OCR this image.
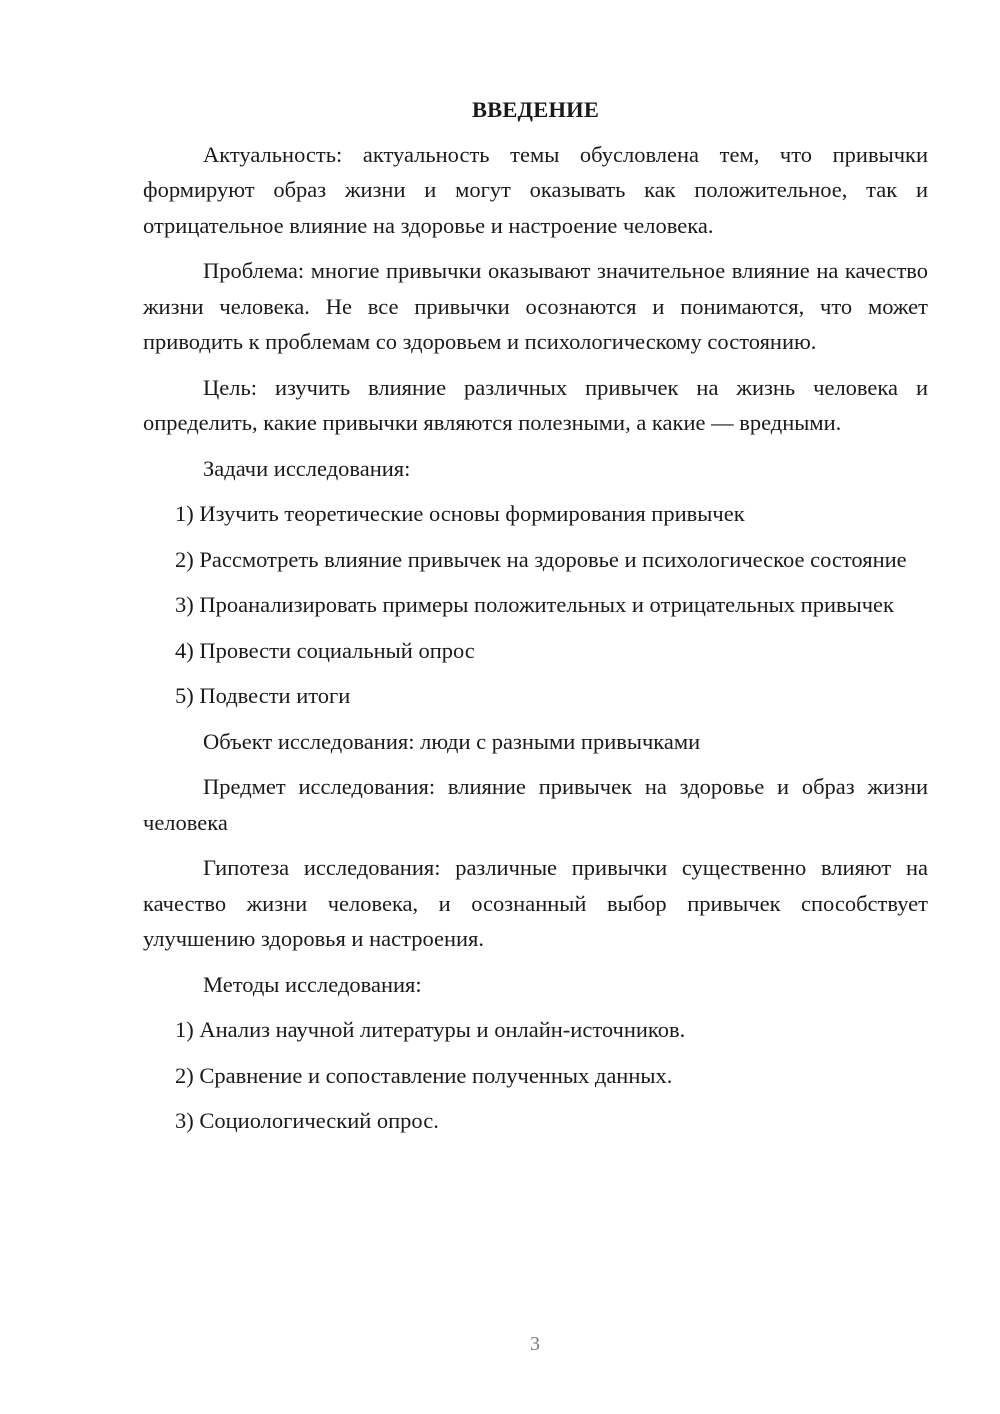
ВВЕДЕНИЕ

Актуальность: актуальность темы обусловлена тем, что привычки формируют образ жизни и могут оказывать как положительное, так и отрицательное влияние на здоровье и настроение человека.

Проблема: многие привычки оказывают значительное влияние на качество жизни человека. Не все привычки осознаются и понимаются, что может приводить к проблемам со здоровьем и психологическому состоянию.

Цель: изучить влияние различных привычек на жизнь человека и определить, какие привычки являются полезными, а какие — вредными.

Задачи исследования:

1) Изучить теоретические основы формирования привычек

2) Рассмотреть влияние привычек на здоровье и психологическое состояние

3) Проанализировать примеры положительных и отрицательных привычек

4) Провести социальный опрос

5) Подвести итоги

Объект исследования: люди с разными привычками

Предмет исследования: влияние привычек на здоровье и образ жизни человека

Гипотеза исследования: различные привычки существенно влияют на качество жизни человека, и осознанный выбор привычек способствует улучшению здоровья и настроения.

Методы исследования:

1) Анализ научной литературы и онлайн-источников.

2) Сравнение и сопоставление полученных данных.

3) Социологический опрос.

3
